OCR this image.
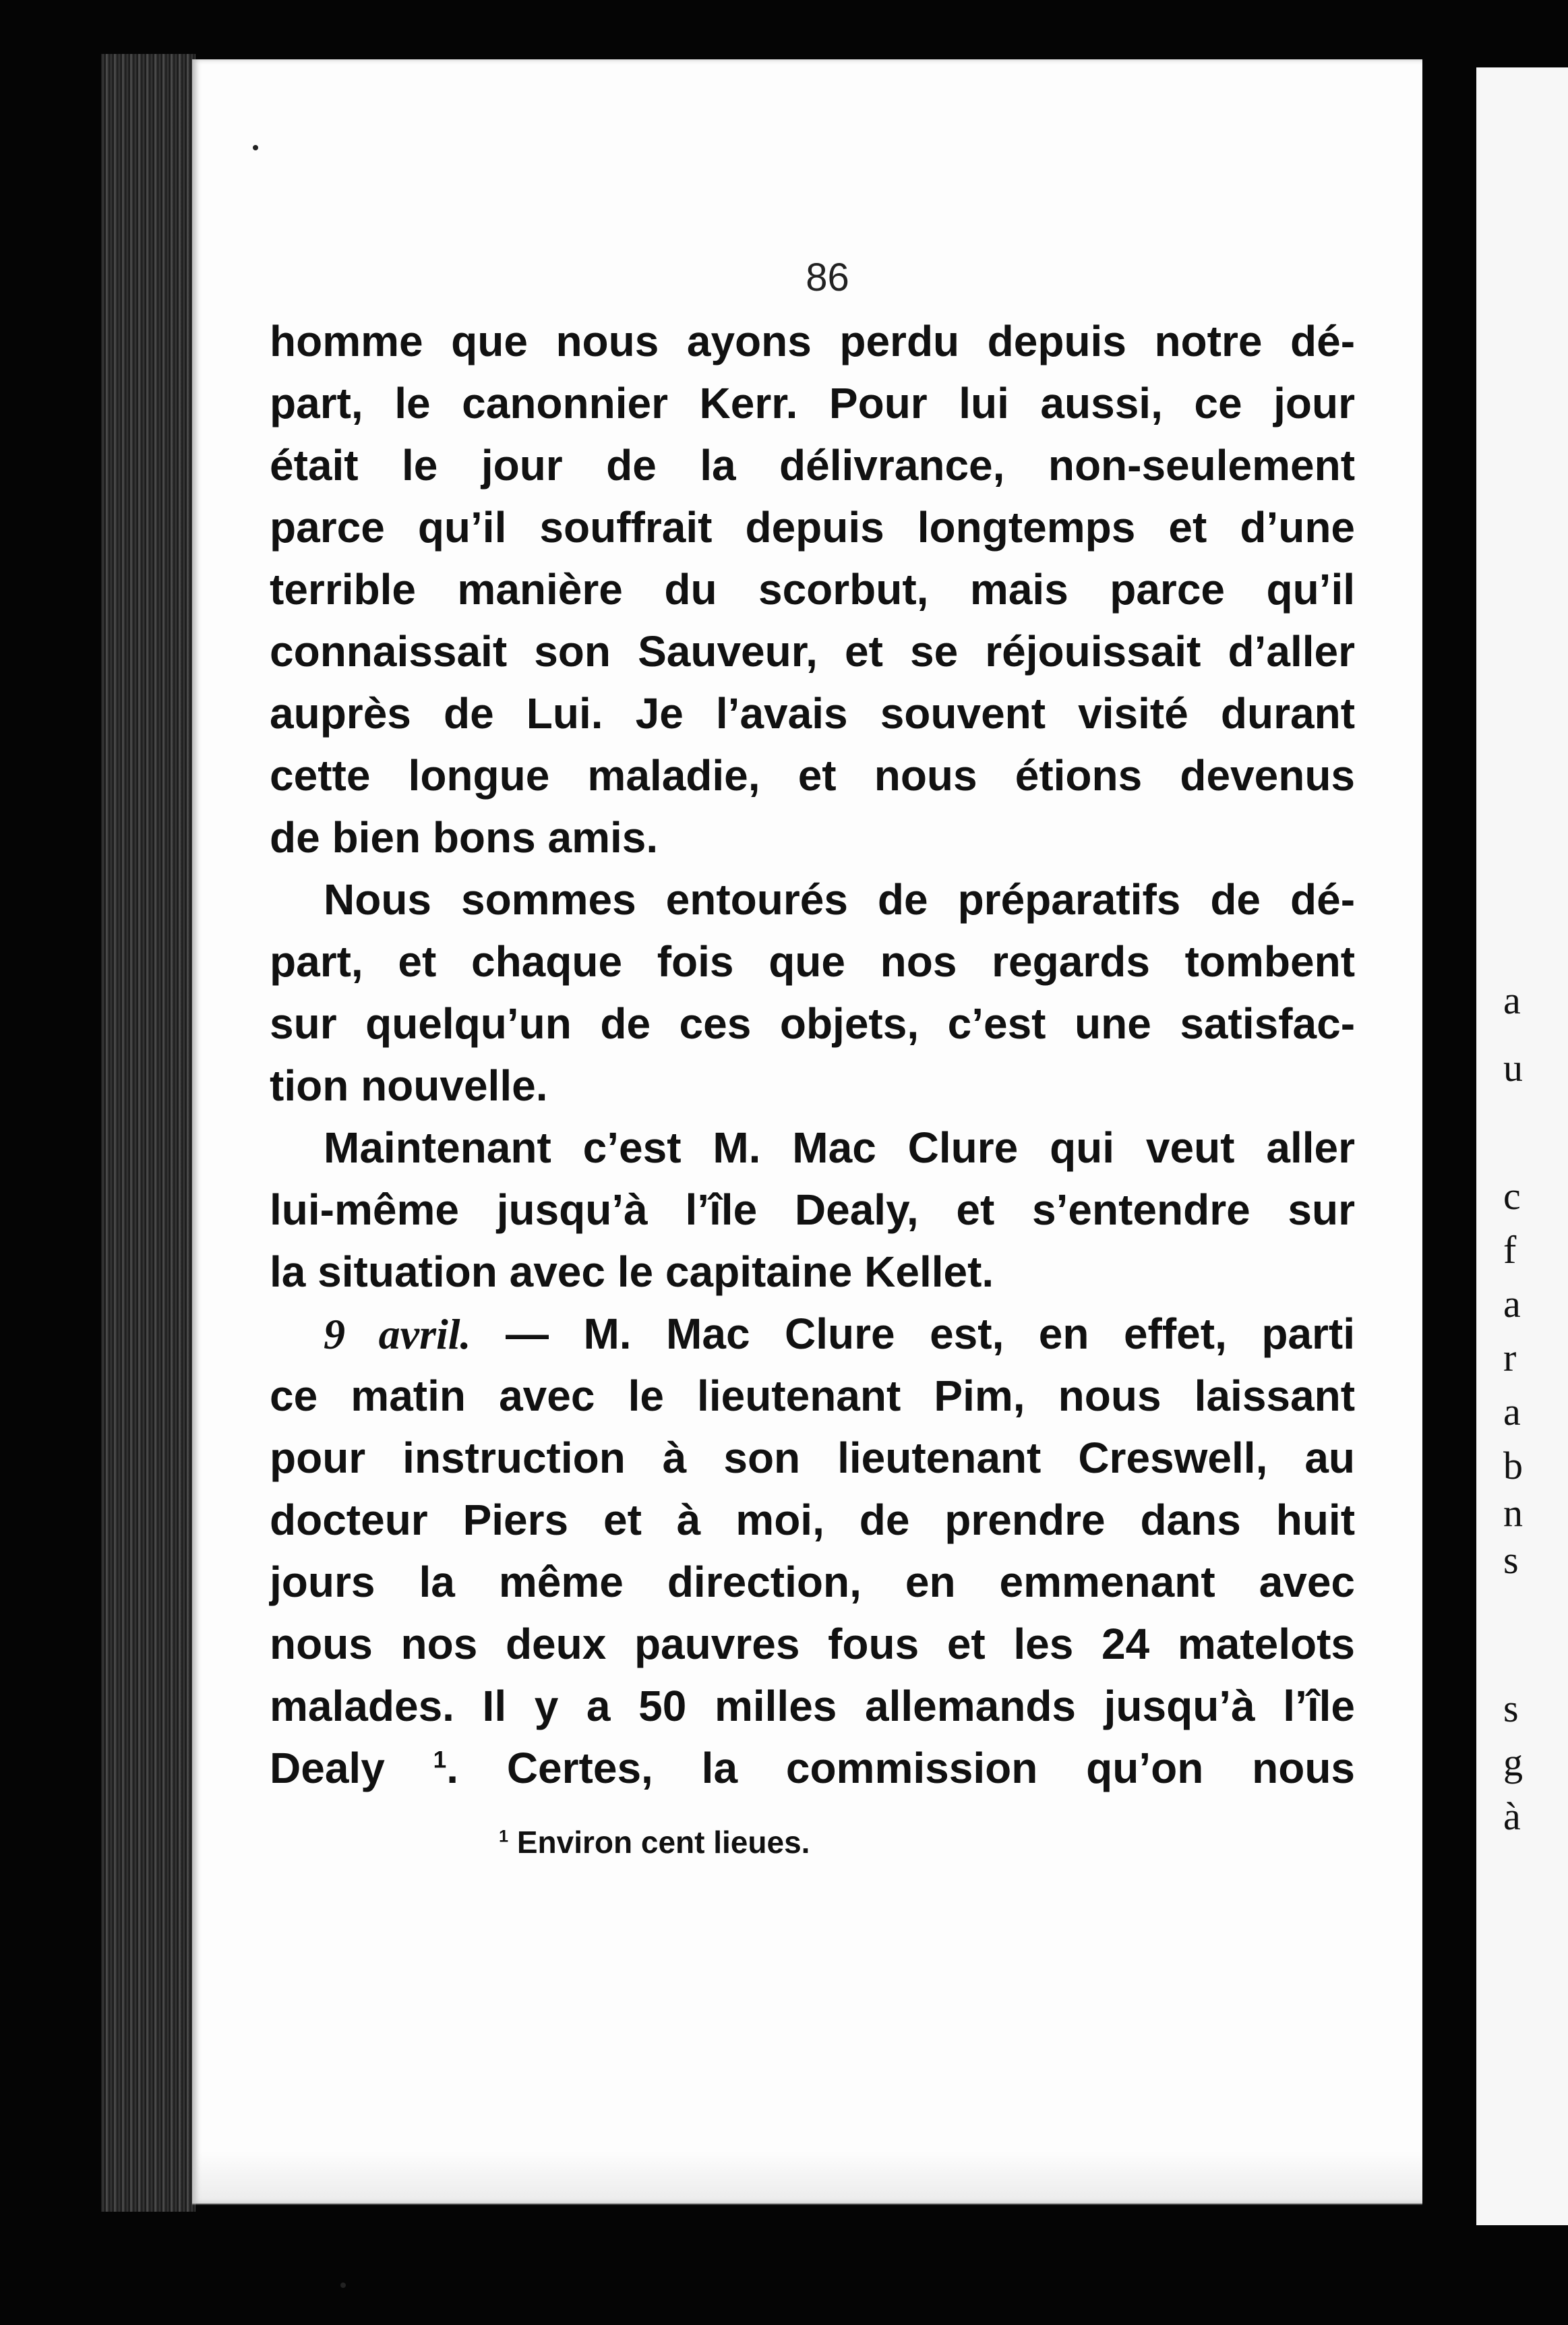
a
u
c
f
a
r
a
b
n
s
s
g
à
86
homme que nous ayons perdu depuis notre dé-
part, le canonnier Kerr. Pour lui aussi, ce jour
était le jour de la délivrance, non-seulement
parce qu’il souffrait depuis longtemps et d’une
terrible manière du scorbut, mais parce qu’il
connaissait son Sauveur, et se réjouissait d’aller
auprès de Lui. Je l’avais souvent visité durant
cette longue maladie, et nous étions devenus
de bien bons amis.
Nous sommes entourés de préparatifs de dé-
part, et chaque fois que nos regards tombent
sur quelqu’un de ces objets, c’est une satisfac-
tion nouvelle.
Maintenant c’est M. Mac Clure qui veut aller
lui-même jusqu’à l’île Dealy, et s’entendre sur
la situation avec le capitaine Kellet.
9 avril. — M. Mac Clure est, en effet, parti
ce matin avec le lieutenant Pim, nous laissant
pour instruction à son lieutenant Creswell, au
docteur Piers et à moi, de prendre dans huit
jours la même direction, en emmenant avec
nous nos deux pauvres fous et les 24 matelots
malades. Il y a 50 milles allemands jusqu’à l’île
Dealy $^1$. Certes, la commission qu’on nous
$^1$ Environ cent lieues.
